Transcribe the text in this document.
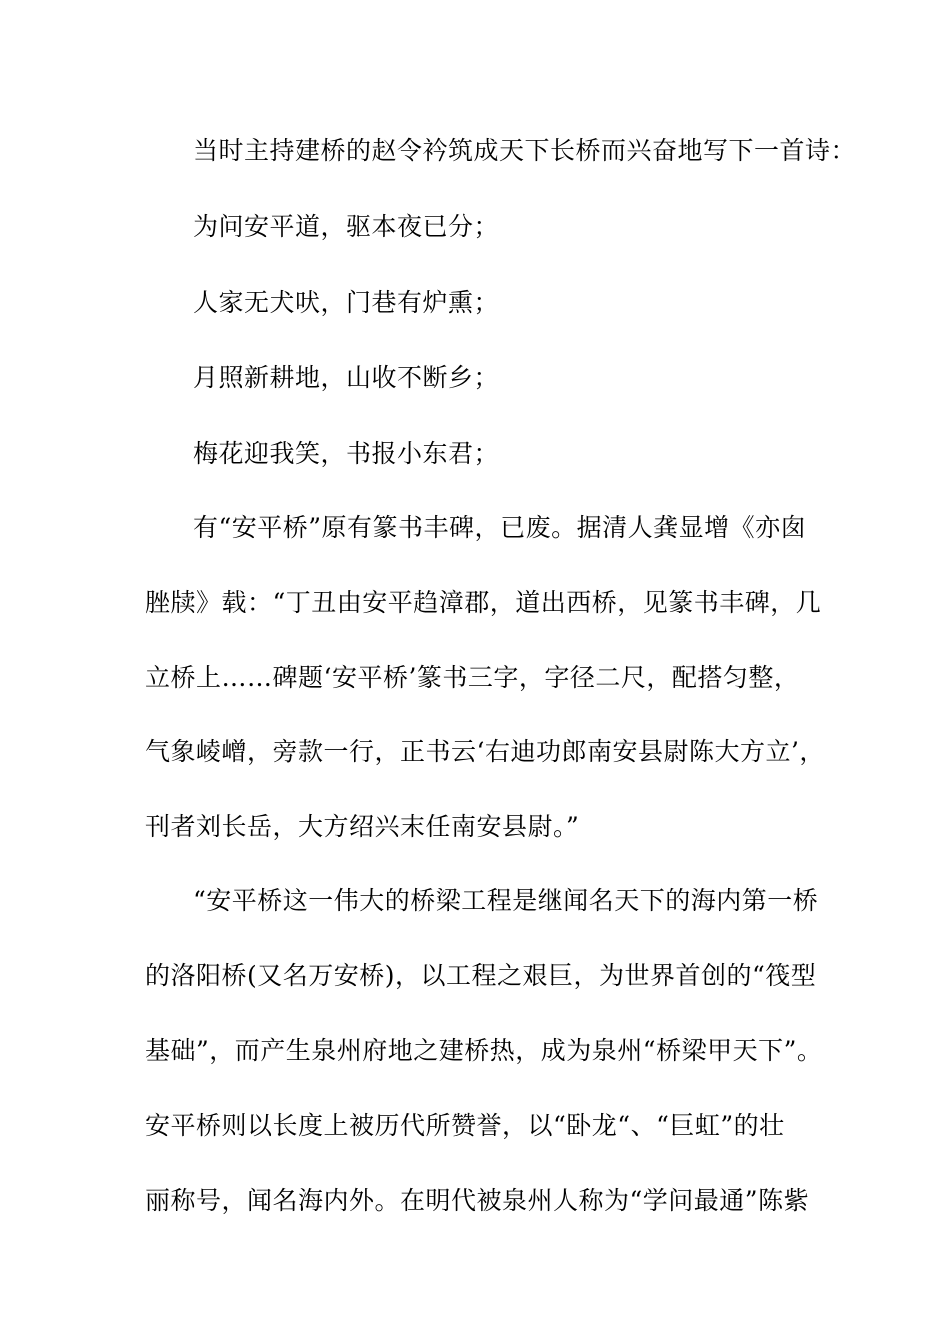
当时主持建桥的赵令衿筑成天下长桥而兴奋地写下一首诗：
为问安平道，驱本夜已分；
人家无犬吠，门巷有炉熏；
月照新耕地，山收不断乡；
梅花迎我笑，书报小东君；
有“安平桥”原有篆书丰碑，已废。据清人龚显增《亦囱
脞牍》载：“丁丑由安平趋漳郡，道出西桥，见篆书丰碑，几
立桥上……碑题‘安平桥’篆书三字，字径二尺，配搭匀整，
气象崚嶒，旁款一行，正书云‘右迪功郎南安县尉陈大方立’，
刊者刘长岳，大方绍兴末任南安县尉。”
“安平桥这一伟大的桥梁工程是继闻名天下的海内第一桥
的洛阳桥(又名万安桥)，以工程之艰巨，为世界首创的“筏型
基础”，而产生泉州府地之建桥热，成为泉州“桥梁甲天下”。
安平桥则以长度上被历代所赞誉，以“卧龙“、“巨虹”的壮
丽称号，闻名海内外。在明代被泉州人称为“学问最通”陈紫
